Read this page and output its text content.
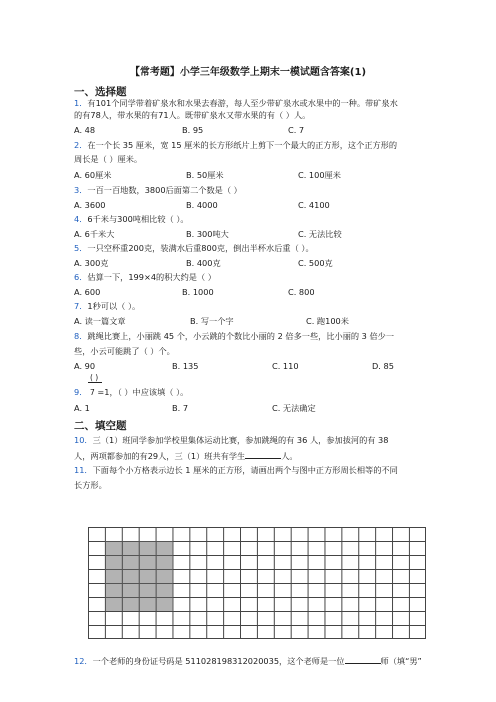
【常考题】小学三年级数学上期末一模试题含答案(1)
一、选择题
1．有101个同学带着矿泉水和水果去春游，每人至少带矿泉水或水果中的一种。带矿泉水
的有78人，带水果的有71人。既带矿泉水又带水果的有（ ）人。
A. 48	B. 95	C. 7
2．在一个长 35 厘米，宽 15 厘米的长方形纸片上剪下一个最大的正方形，这个正方形的
周长是（ ）厘米。
A. 60厘米	B. 50厘米	C. 100厘米
3．一百一百地数，3800后面第二个数是（ ）
A. 3600	B. 4000	C. 4100
4．6千米与300吨相比较（ ）。
A. 6千米大	B. 300吨大	C. 无法比较
5．一只空杯重200克，装满水后重800克，倒出半杯水后重（ ）。
A. 300克	B. 400克	C. 500克
6．估算一下，199×4的积大约是（ ）
A. 600	B. 1000	C. 800
7．1秒可以（ ）。
A. 读一篇文章	B. 写一个字	C. 跑100米
8．跳绳比赛上，小丽跳 45 个，小云跳的个数比小丽的 2 倍多一些，比小丽的 3 倍少一
些，小云可能跳了（ ）个。
A. 90	B. 135	C. 110	D. 85
( )
9． 7 =1，（ ）中应该填（ ）。
A. 1	B. 7	C. 无法确定
二、填空题
10．三（1）班同学参加学校里集体运动比赛，参加跳绳的有 36 人，参加拔河的有 38
人，两项都参加的有29人，三（1）班共有学生	人。
11．下面每个小方格表示边长 1 厘米的正方形，请画出两个与图中正方形周长相等的不同
长方形。
12．一个老师的身份证号码是 511028198312020035，这个老师是一位	师（填“男”
